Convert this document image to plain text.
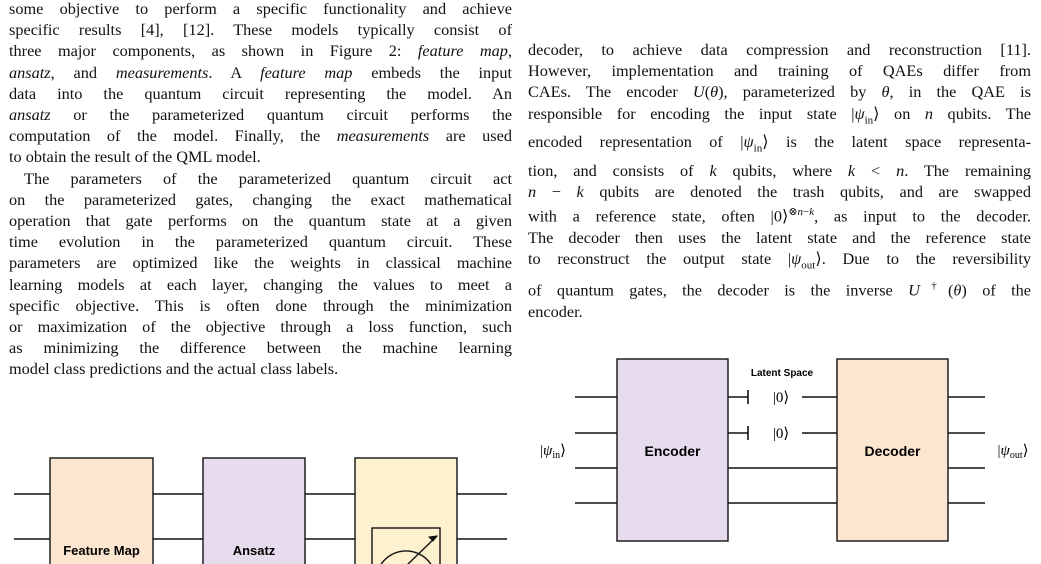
some objective to perform a specific functionality and achieve
specific results [4], [12]. These models typically consist of
three major components, as shown in Figure 2: feature map,
ansatz, and measurements. A feature map embeds the input
data into the quantum circuit representing the model. An
ansatz or the parameterized quantum circuit performs the
computation of the model. Finally, the measurements are used
to obtain the result of the QML model.

The parameters of the parameterized quantum circuit act
on the parameterized gates, changing the exact mathematical
operation that gate performs on the quantum state at a given
time evolution in the parameterized quantum circuit. These
parameters are optimized like the weights in classical machine
learning models at each layer, changing the values to meet a
specific objective. This is often done through the minimization
or maximization of the objective through a loss function, such
as minimizing the difference between the machine learning
model class predictions and the actual class labels.

decoder, to achieve data compression and reconstruction [11].
However, implementation and training of QAEs differ from
CAEs. The encoder U(θ), parameterized by θ, in the QAE is
responsible for encoding the input state $|\psi_{in}⟩$ on n qubits. The
encoded representation of $|\psi_{in}⟩$ is the latent space representa-
tion, and consists of k qubits, where k < n. The remaining
n − k qubits are denoted the trash qubits, and are swapped
with a reference state, often |0⟩$^{\otimes n-k}$, as input to the decoder.
The decoder then uses the latent state and the reference state
to reconstruct the output state $|\psi_{out}⟩$. Due to the reversibility
of quantum gates, the decoder is the inverse U†(θ) of the
encoder.

Feature Map	Ansatz
Encoder	Decoder
Latent Space
|0⟩
|0⟩
$|\psi_{in}⟩$	$|\psi_{out}⟩$
